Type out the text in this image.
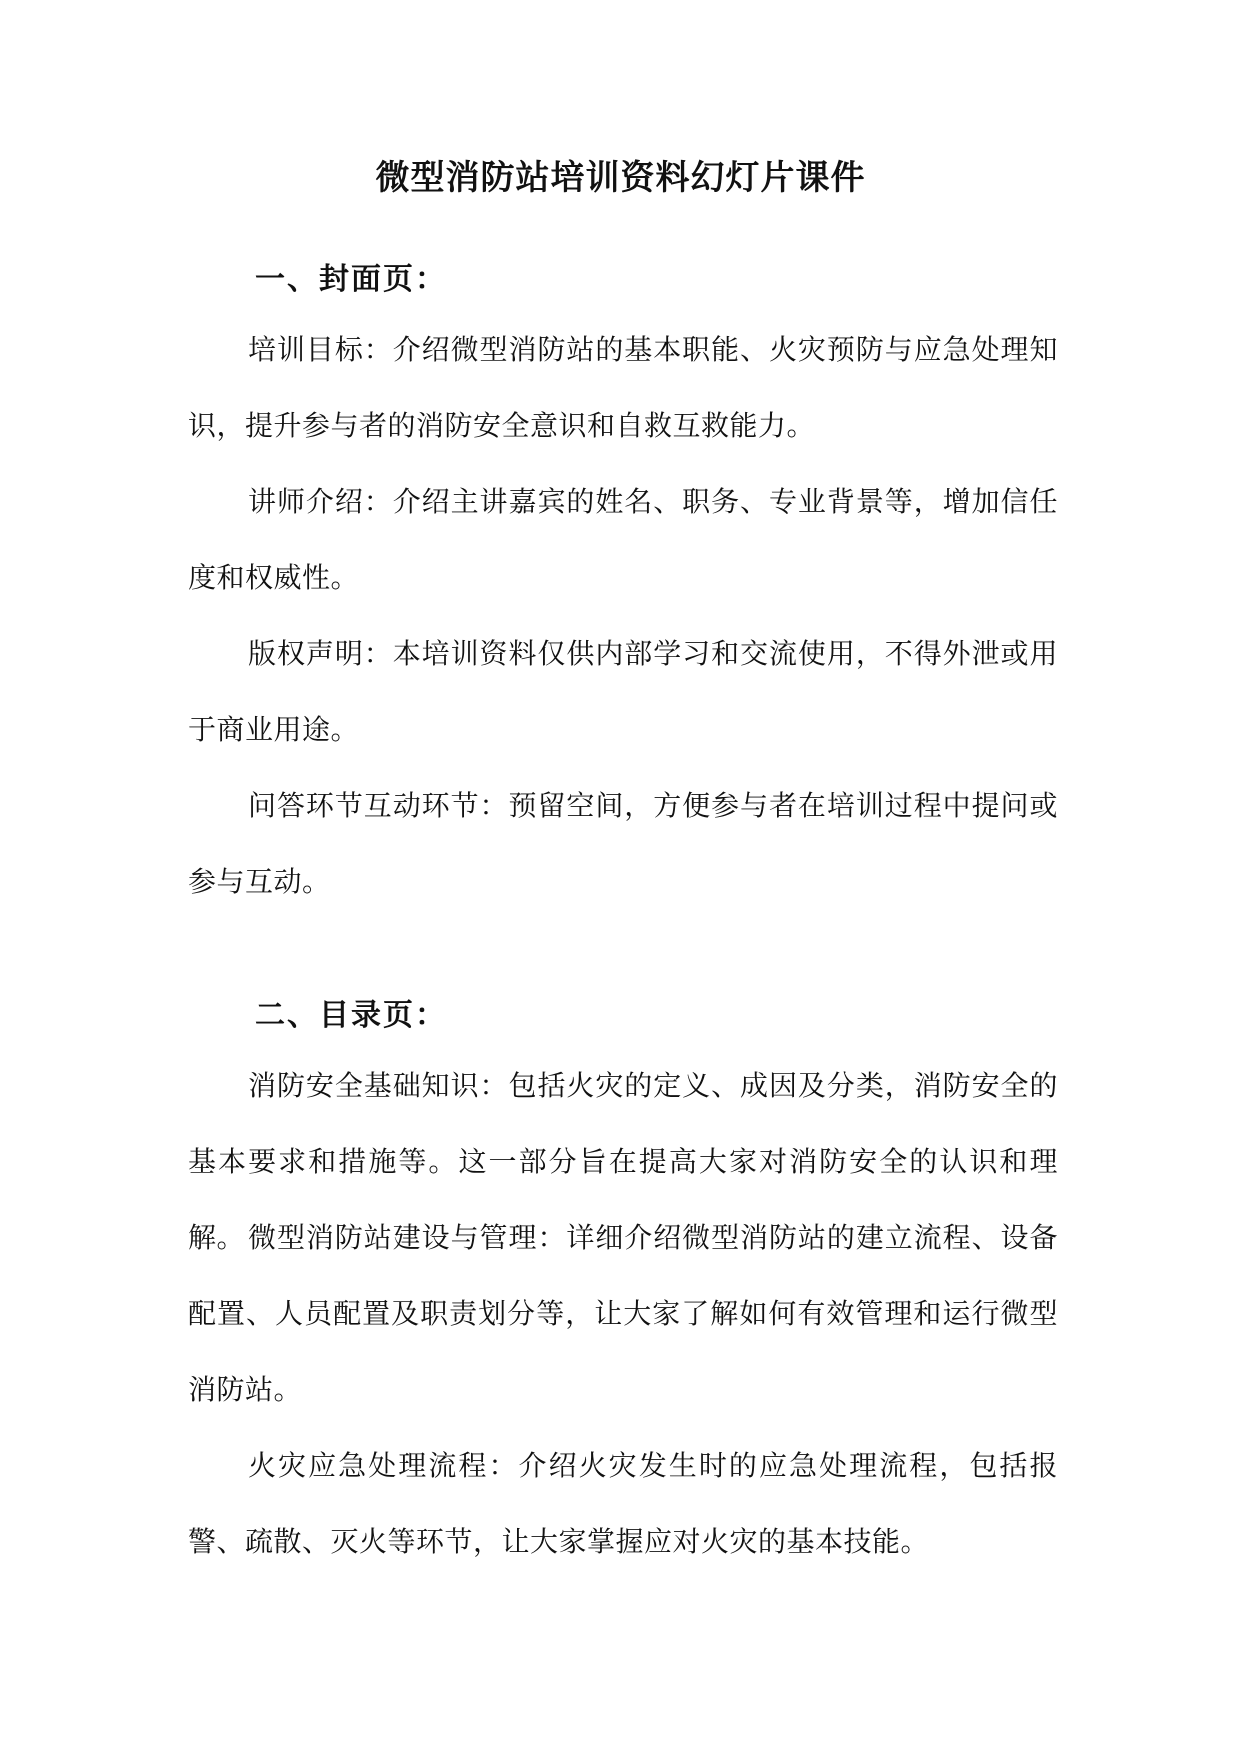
微型消防站培训资料幻灯片课件
一、封面页：

培训目标：介绍微型消防站的基本职能、火灾预防与应急处理知识，提升参与者的消防安全意识和自救互救能力。

讲师介绍：介绍主讲嘉宾的姓名、职务、专业背景等，增加信任度和权威性。

版权声明：本培训资料仅供内部学习和交流使用，不得外泄或用于商业用途。

问答环节互动环节：预留空间，方便参与者在培训过程中提问或参与互动。

二、目录页：

消防安全基础知识：包括火灾的定义、成因及分类，消防安全的基本要求和措施等。这一部分旨在提高大家对消防安全的认识和理解。 微型消防站建设与管理：详细介绍微型消防站的建立流程、设备配置、人员配置及职责划分等，让大家了解如何有效管理和运行微型消防站。

火灾应急处理流程：介绍火灾发生时的应急处理流程，包括报警、疏散、灭火等环节，让大家掌握应对火灾的基本技能。
